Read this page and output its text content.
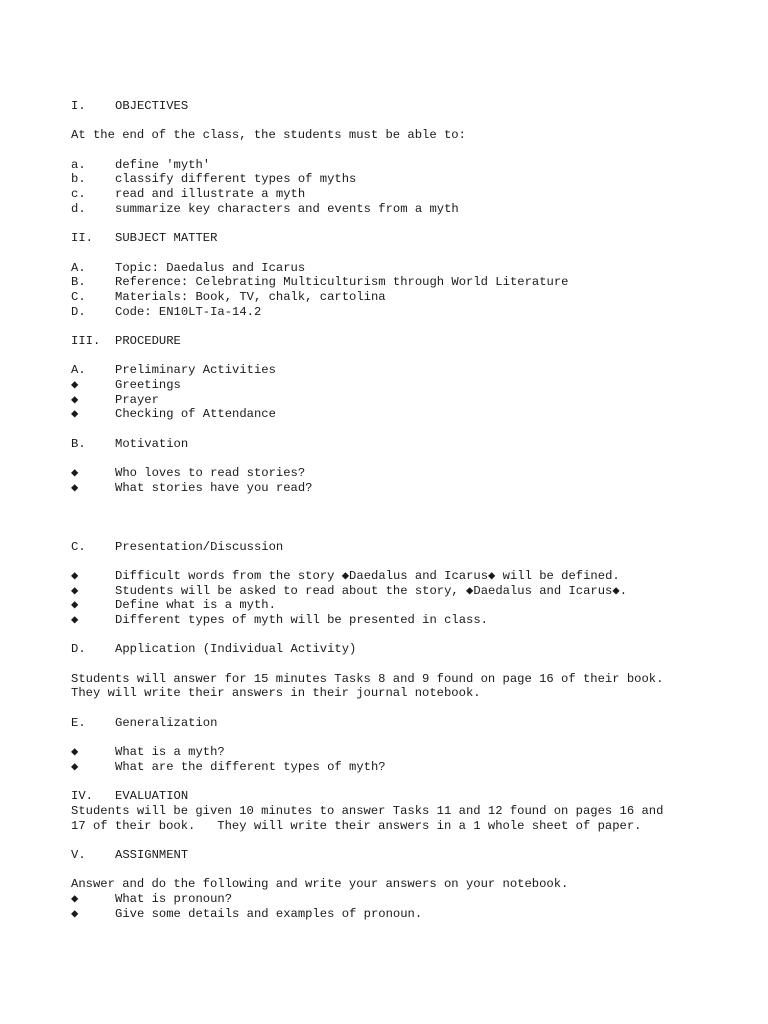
I.	OBJECTIVES
At the end of the class, the students must be able to:
a.	define 'myth'
b.	classify different types of myths
c.	read and illustrate a myth
d.	summarize key characters and events from a myth
II.	SUBJECT MATTER
A.	Topic: Daedalus and Icarus
B.	Reference: Celebrating Multiculturism through World Literature
C.	Materials: Book, TV, chalk, cartolina
D.	Code: EN10LT-Ia-14.2
III.	PROCEDURE
A.	Preliminary Activities
◆	Greetings
◆	Prayer
◆	Checking of Attendance
B.	Motivation
◆	Who loves to read stories?
◆	What stories have you read?
C.	Presentation/Discussion
◆	Difficult words from the story ◆Daedalus and Icarus◆ will be defined.
◆	Students will be asked to read about the story, ◆Daedalus and Icarus◆.
◆	Define what is a myth.
◆	Different types of myth will be presented in class.
D.	Application (Individual Activity)
Students will answer for 15 minutes Tasks 8 and 9 found on page 16 of their book.
They will write their answers in their journal notebook.
E.	Generalization
◆	What is a myth?
◆	What are the different types of myth?
IV.	EVALUATION
Students will be given 10 minutes to answer Tasks 11 and 12 found on pages 16 and
17 of their book.   They will write their answers in a 1 whole sheet of paper.
V.	ASSIGNMENT
Answer and do the following and write your answers on your notebook.
◆	What is pronoun?
◆	Give some details and examples of pronoun.
